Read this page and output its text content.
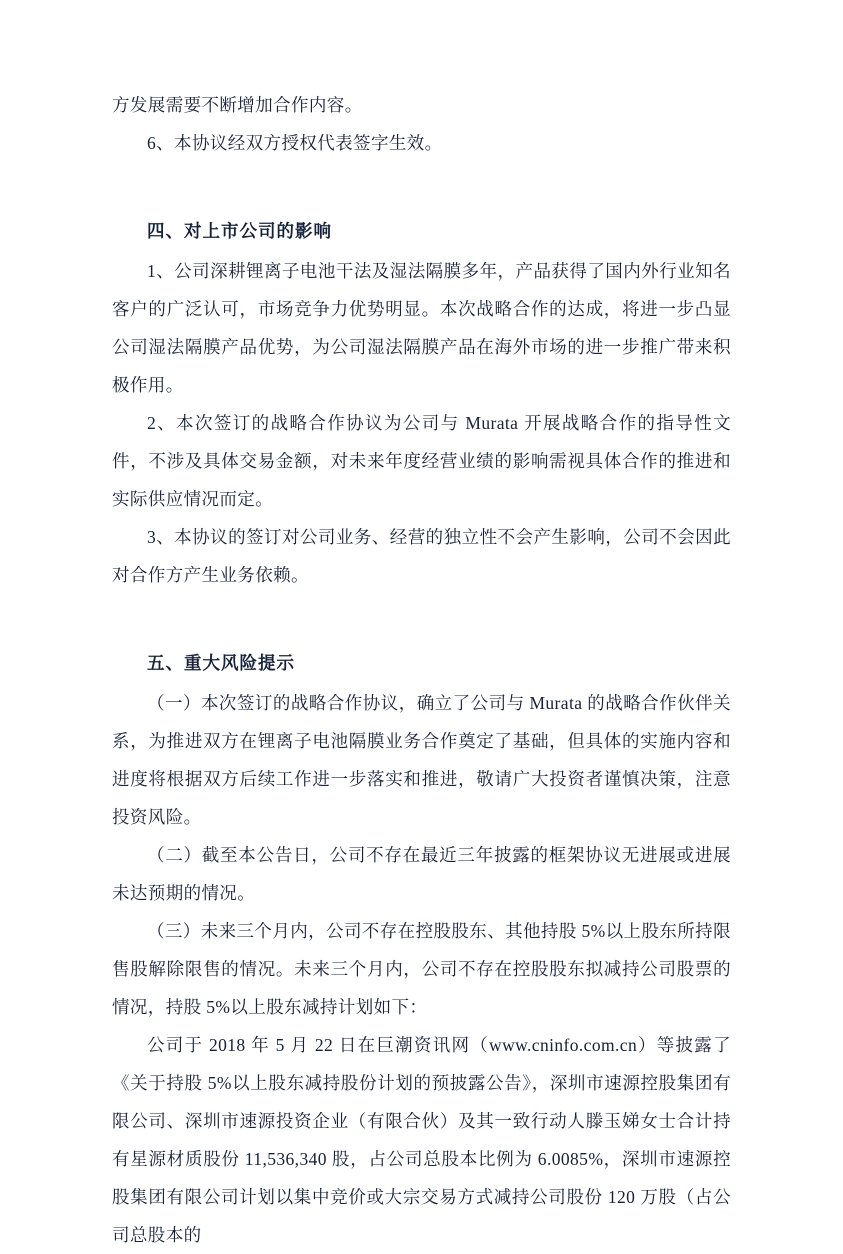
方发展需要不断增加合作内容。

6、本协议经双方授权代表签字生效。

四、对上市公司的影响

1、公司深耕锂离子电池干法及湿法隔膜多年，产品获得了国内外行业知名客户的广泛认可，市场竞争力优势明显。本次战略合作的达成，将进一步凸显公司湿法隔膜产品优势，为公司湿法隔膜产品在海外市场的进一步推广带来积极作用。

2、本次签订的战略合作协议为公司与 Murata 开展战略合作的指导性文件，不涉及具体交易金额，对未来年度经营业绩的影响需视具体合作的推进和实际供应情况而定。

3、本协议的签订对公司业务、经营的独立性不会产生影响，公司不会因此对合作方产生业务依赖。

五、重大风险提示

（一）本次签订的战略合作协议，确立了公司与 Murata 的战略合作伙伴关系，为推进双方在锂离子电池隔膜业务合作奠定了基础，但具体的实施内容和进度将根据双方后续工作进一步落实和推进，敬请广大投资者谨慎决策，注意投资风险。

（二）截至本公告日，公司不存在最近三年披露的框架协议无进展或进展未达预期的情况。

（三）未来三个月内，公司不存在控股股东、其他持股 5%以上股东所持限售股解除限售的情况。未来三个月内，公司不存在控股股东拟减持公司股票的情况，持股 5%以上股东减持计划如下：

公司于 2018 年 5 月 22 日在巨潮资讯网（www.cninfo.com.cn）等披露了《关于持股 5%以上股东减持股份计划的预披露公告》，深圳市速源控股集团有限公司、深圳市速源投资企业（有限合伙）及其一致行动人滕玉娣女士合计持有星源材质股份 11,536,340 股，占公司总股本比例为 6.0085%，深圳市速源控股集团有限公司计划以集中竞价或大宗交易方式减持公司股份 120 万股（占公司总股本的
